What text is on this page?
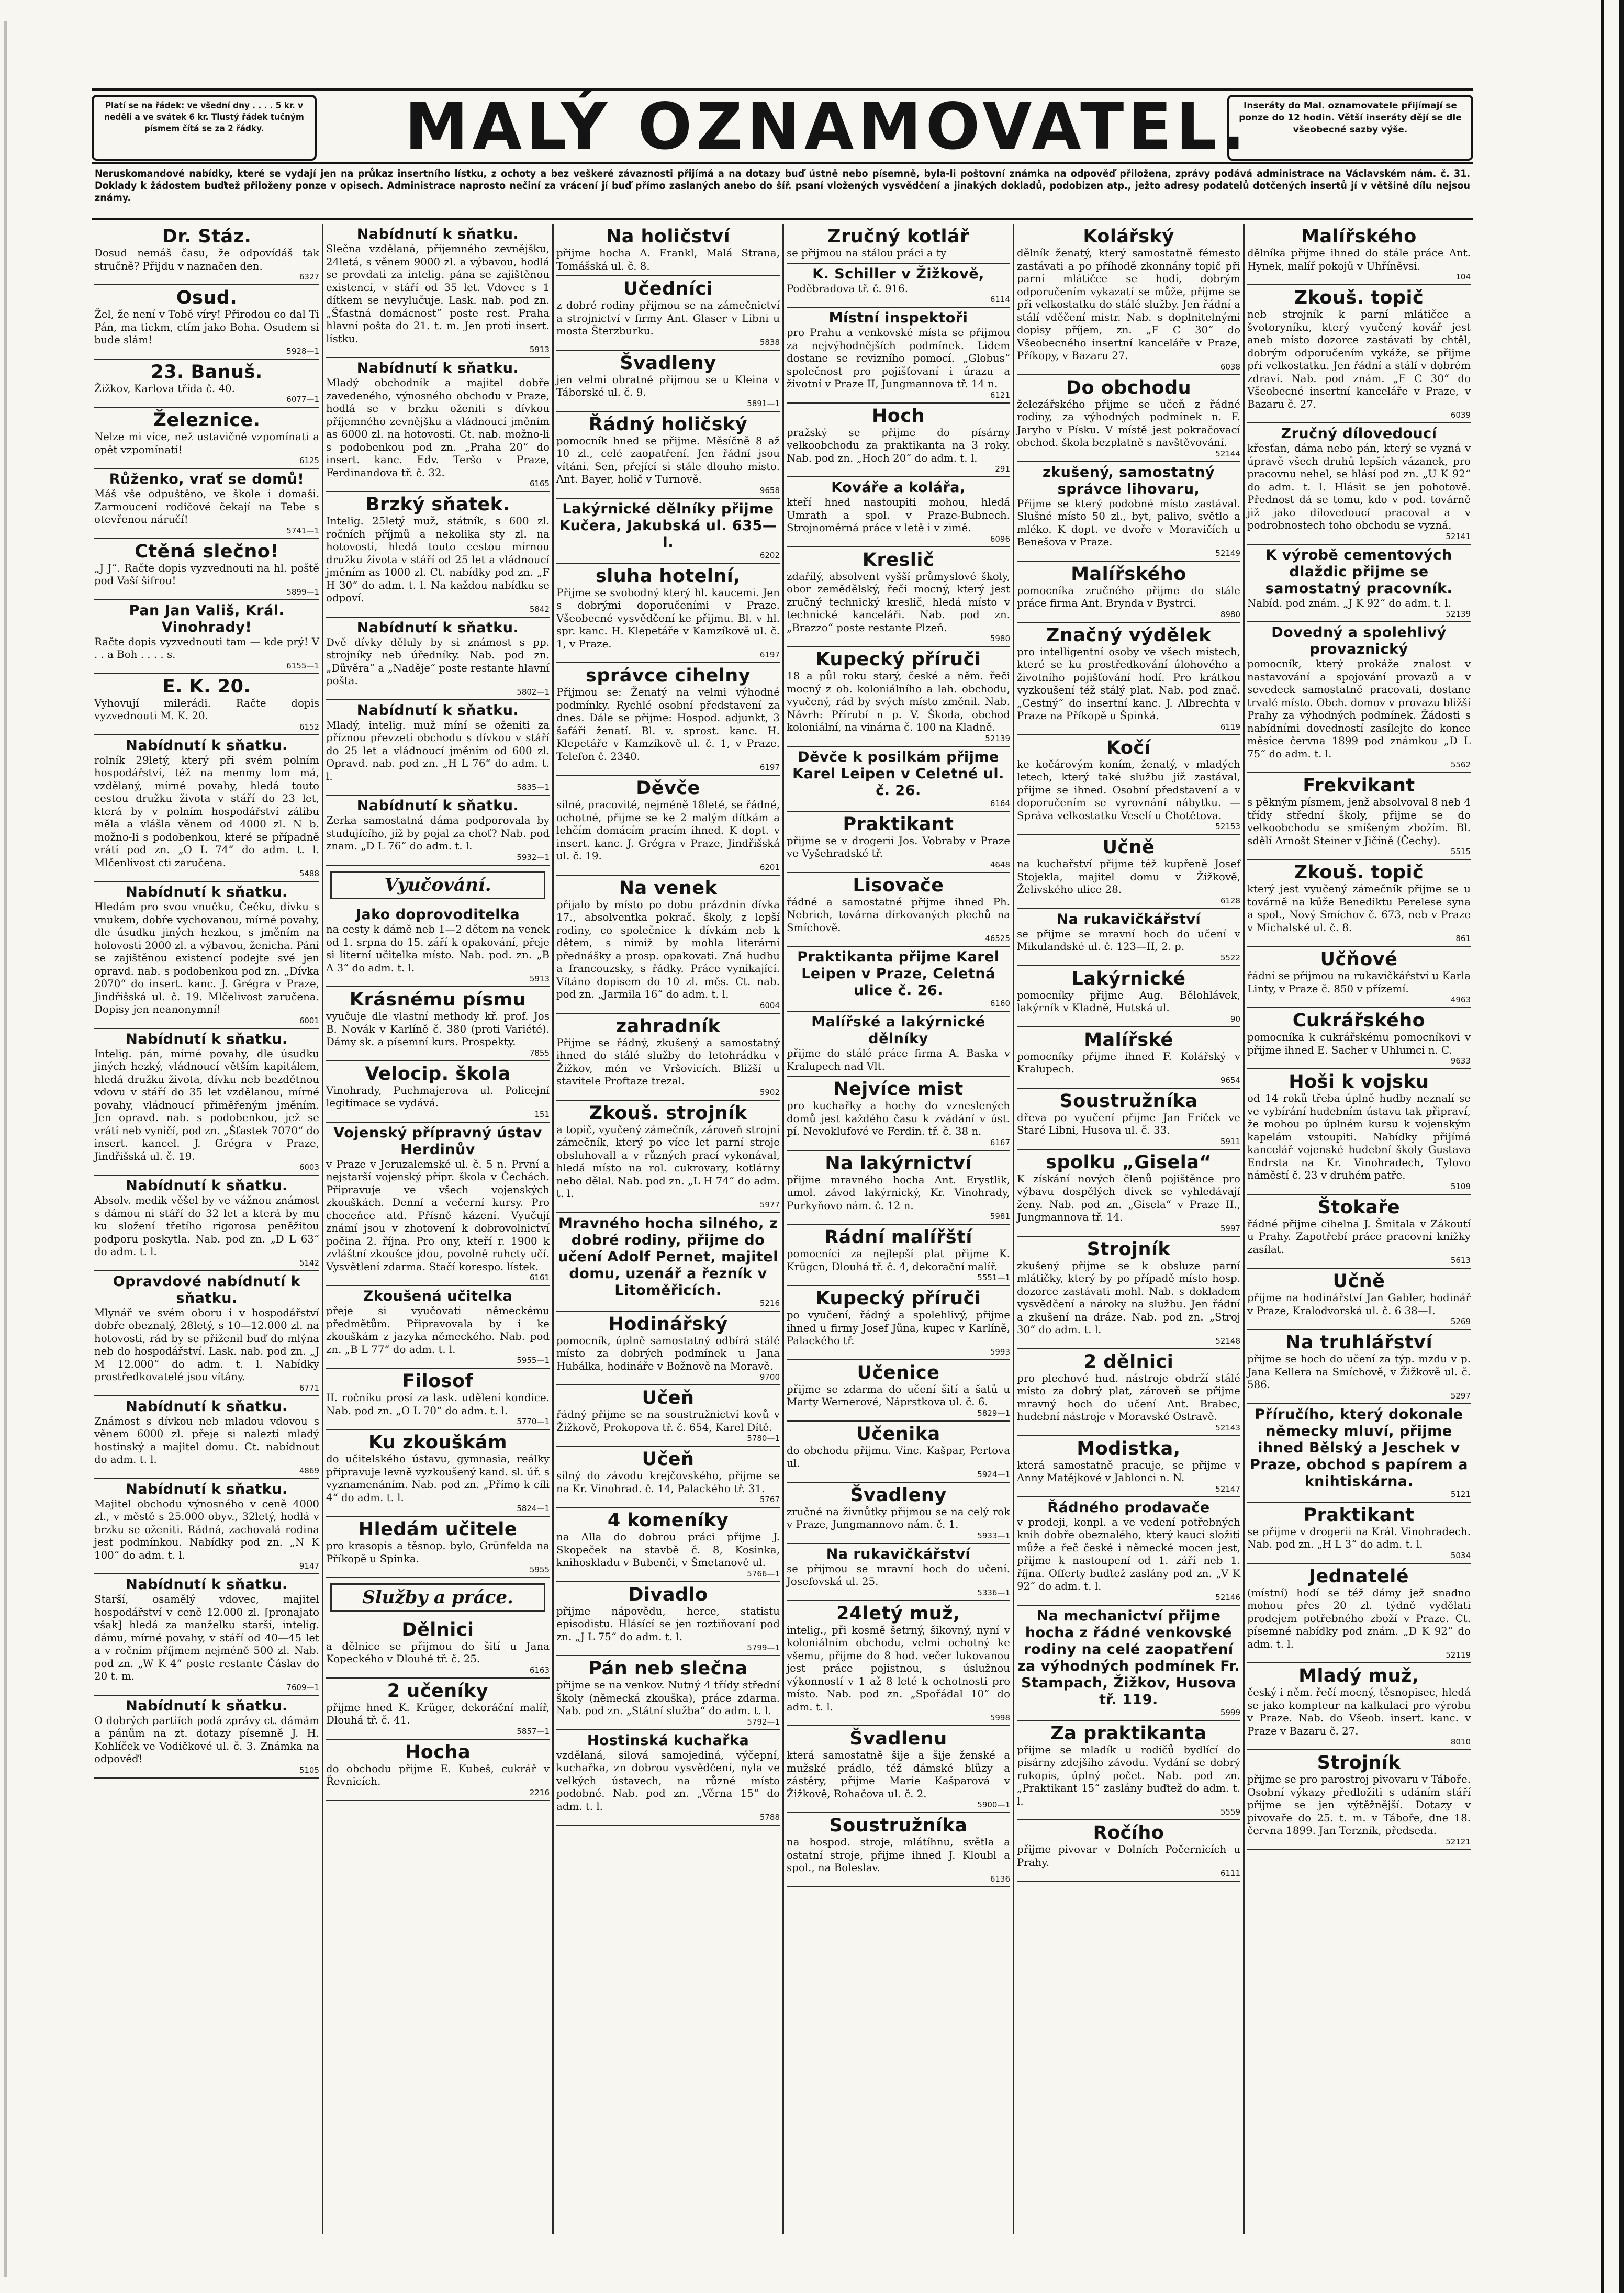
Platí se na řádek: ve všední dny . . . . 5 kr. v neděli a ve svátek 6 kr. Tlustý řádek tučným písmem čítá se za 2 řádky.	MALÝ OZNAMOVATEL.
Inseráty do Mal. oznamovatele přijímají se ponze do 12 hodin. Větší inseráty dějí se dle všeobecné sazby výše.
Neruskomandové nabídky, které se vydají jen na průkaz insertního lístku, z ochoty a bez veškeré závaznosti přijímá a na dotazy buď ústně nebo písemně, byla-li poštovní známka na odpověď přiložena, zprávy podává administrace na Václavském nám. č. 31. Doklady k žádostem buďtež přiloženy ponze v opisech. Administrace naprosto nečiní za vrácení jí buď přímo zaslaných anebo do šíř. psaní vložených vysvědčení a jinakých dokladů, podobizen atp., ježto adresy podatelů dotčených insertů jí v většině dílu nejsou známy.
Dr. Stáz.
Dosud nemáš času, že odpovídáš tak stručně? Přijdu v naznačen den.
6327
Osud.
Žel, že není v Tobě víry! Přirodou co dal Ti Pán, ma tickm, ctím jako Boha. Osudem si bude slám!
5928—1
23. Banuš.
Žižkov, Karlova třída č. 40.
6077—1
Železnice.
Nelze mi více, než ustavičně vzpomínati a opět vzpomínati!
6125
Růženko, vrať se domů!
Máš vše odpuštěno, ve škole i domaši. Zarmoucení rodičové čekají na Tebe s otevřenou náručí!
5741—1
Ctěná slečno!
„J J“. Račte dopis vyzvednouti na hl. poště pod Vaší šifrou!
5899—1
Pan Jan Vališ, Král. Vinohrady!
Račte dopis vyzvednouti tam — kde prý! V . . a Boh . . . . s.
6155—1
E. K. 20.
Vyhovují milerádi. Račte dopis vyzvednouti M. K. 20.
6152
Nabídnutí k sňatku.
rolník 29letý, který při svém polním hospodářství, též na menmy lom má, vzdělaný, mírné povahy, hledá touto cestou družku života v stáří do 23 let, která by v polním hospodářství zálibu měla a vlášla věnem od 4000 zl. N b. možno-li s podobenkou, které se případně vrátí pod zn. „O L 74“ do adm. t. l. Mlčenlivost cti zaručena.
5488
Nabídnutí k sňatku.
Hledám pro svou vnučku, Čečku, dívku s vnukem, dobře vychovanou, mírné povahy, dle úsudku jiných hezkou, s jměním na holovosti 2000 zl. a výbavou, ženicha. Páni se zajištěnou existencí podejte své jen opravd. nab. s podobenkou pod zn. „Dívka 2070“ do insert. kanc. J. Grégra v Praze, Jindřišská ul. č. 19. Mlčelivost zaručena. Dopisy jen neanonymní!
6001
Nabídnutí k sňatku.
Intelig. pán, mírné povahy, dle úsudku jiných hezký, vládnoucí větším kapitálem, hledá družku života, dívku neb bezdětnou vdovu v stáří do 35 let vzdělanou, mírné povahy, vládnoucí přiměřeným jměním. Jen opravd. nab. s podobenkou, jež se vrátí neb vyničí, pod zn. „Šťastek 7070“ do insert. kancel. J. Grégra v Praze, Jindřišská ul. č. 19.
6003
Nabídnutí k sňatku.
Absolv. medik věšel by ve vážnou známost s dámou ni stáří do 32 let a která by mu ku složení třetího rigorosa peněžitou podporu poskytla. Nab. pod zn. „D L 63“ do adm. t. l.
5142
Opravdové nabídnutí k sňatku.
Mlynář ve svém oboru i v hospodářství dobře obeznalý, 28letý, s 10—12.000 zl. na hotovosti, rád by se přiženil buď do mlýna neb do hospodářství. Lask. nab. pod zn. „J M 12.000“ do adm. t. l. Nabídky prostředkovatelé jsou vítány.
6771
Nabídnutí k sňatku.
Známost s dívkou neb mladou vdovou s věnem 6000 zl. přeje si nalezti mladý hostinský a majitel domu. Ct. nabídnout do adm. t. l.
4869
Nabídnutí k sňatku.
Majitel obchodu výnosného v ceně 4000 zl., v městě s 25.000 obyv., 32letý, hodlá v brzku se oženiti. Rádná, zachovalá rodina jest podmínkou. Nabídky pod zn. „N K 100“ do adm. t. l.
9147
Nabídnutí k sňatku.
Starší, osamělý vdovec, majitel hospodářství v ceně 12.000 zl. [pronajato však] hledá za manželku starší, intelig. dámu, mírné povahy, v stáří od 40—45 let a v ročním příjmem nejméně 500 zl. Nab. pod zn. „W K 4“ poste restante Čáslav do 20 t. m.
7609—1
Nabídnutí k sňatku.
O dobrých partiích podá zprávy ct. dámám a pánům na zt. dotazy písemně J. H. Kohlíček ve Vodičkové ul. č. 3. Známka na odpověď!
5105
Nabídnutí k sňatku.
Slečna vzdělaná, příjemného zevnějšku, 24letá, s věnem 9000 zl. a výbavou, hodlá se provdati za intelig. pána se zajištěnou existencí, v stáří od 35 let. Vdovec s 1 dítkem se nevylučuje. Lask. nab. pod zn. „Šťastná domácnost“ poste rest. Praha hlavní pošta do 21. t. m. Jen proti insert. lístku.
5913
Nabídnutí k sňatku.
Mladý obchodník a majitel dobře zavedeného, výnosného obchodu v Praze, hodlá se v brzku oženiti s dívkou příjemného zevnějšku a vládnoucí jměním as 6000 zl. na hotovosti. Ct. nab. možno-li s podobenkou pod zn. „Praha 20“ do insert. kanc. Edv. Teršo v Praze, Ferdinandova tř. č. 32.
6165
Brzký sňatek.
Intelig. 25letý muž, státník, s 600 zl. ročních příjmů a nekolika sty zl. na hotovosti, hledá touto cestou mírnou družku života v stáří od 25 let a vládnoucí jměním as 1000 zl. Ct. nabídky pod zn. „F H 30“ do adm. t. l. Na každou nabídku se odpoví.
5842
Nabídnutí k sňatku.
Dvě dívky děluly by si známost s pp. strojníky neb úředníky. Nab. pod zn. „Důvěra“ a „Naděje“ poste restante hlavní pošta.
5802—1
Nabídnutí k sňatku.
Mladý, intelig. muž míní se oženiti za příznou převzetí obchodu s dívkou v stáří do 25 let a vládnoucí jměním od 600 zl. Opravd. nab. pod zn. „H L 76“ do adm. t. l.
5835—1
Nabídnutí k sňatku.
Zerka samostatná dáma podporovala by studujícího, jíž by pojal za choť? Nab. pod znam. „D L 76“ do adm. t. l.
5932—1
Vyučování.
Jako doprovoditelka
na cesty k dámě neb 1—2 dětem na venek od 1. srpna do 15. září k opakování, přeje si literní učitelka místo. Nab. pod. zn. „B A 3“ do adm. t. l.
5913
Krásnému písmu
vyučuje dle vlastní methody kř. prof. Jos B. Novák v Karlíně č. 380 (proti Variété). Dámy sk. a písemní kurs. Prospekty.
7855
Velocip. škola
Vinohrady, Puchmajerova ul. Policejní legitimace se vydává.
151
Vojenský přípravný ústav Herdinův
v Praze v Jeruzalemské ul. č. 5 n. První a nejstarší vojenský přípr. škola v Čechách. Připravuje ve všech vojenských zkouškách. Denní a večerní kursy. Pro choceňce atd. Přísně kázení. Vyučují známí jsou v zhotovení k dobrovolnictví počina 2. října. Pro ony, kteří r. 1900 k zvláštní zkoušce jdou, povolně ruhcty učí. Vysvětlení zdarma. Stačí korespo. lístek.
6161
Zkoušená učitelka
přeje si vyučovati německému předmětům. Připravovala by i ke zkouškám z jazyka německého. Nab. pod zn. „B L 77“ do adm. t. l.
5955—1
Filosof
II. ročníku prosí za lask. udělení kondice. Nab. pod zn. „O L 70“ do adm. t. l.
5770—1
Ku zkouškám
do učitelského ústavu, gymnasia, reálky připravuje levně vyzkoušený kand. sl. úř. s vyznamenáním. Nab. pod zn. „Přímo k cíli 4“ do adm. t. l.
5824—1
Hledám učitele
pro krasopis a těsnop. bylo, Grünfelda na Příkopě u Spinka.
5955
Služby a práce.
Dělnici
a dělnice se přijmou do šití u Jana Kopeckého v Dlouhé tř. č. 25.
6163
2 učeníky
přijme hned K. Krüger, dekoráční malíř, Dlouhá tř. č. 41.
5857—1
Hocha
do obchodu přijme E. Kubeš, cukrář v Řevnicích.
2216
Na holičství
přijme hocha A. Frankl, Malá Strana, Tomášská ul. č. 8.
Učedníci
z dobré rodiny přijmou se na zámečnictví a strojnictví v firmy Ant. Glaser v Libni u mosta Šterzburku.
5838
Švadleny
jen velmi obratné přijmou se u Kleina v Táborské ul. č. 9.
5891—1
Řádný holičský
pomocník hned se přijme. Měsíčně 8 až 10 zl., celé zaopatření. Jen řádní jsou vítáni. Sen, přející si stále dlouho místo. Ant. Bayer, holič v Turnově.
9658
Lakýrnické dělníky přijme Kučera, Jakubská ul. 635—I.
6202
sluha hotelní,
Přijme se svobodný který hl. kaucemi. Jen s dobrými doporučeními v Praze. Všeobecné vysvědčení ke přijmu. Bl. v hl. spr. kanc. H. Klepetáře v Kamzíkově ul. č. 1, v Praze.
6197
správce cihelny
Přijmou se: Ženatý na velmi výhodné podmínky. Rychlé osobní představení za dnes. Dále se přijme: Hospod. adjunkt, 3 šafáři ženatí. Bl. v. sprost. kanc. H. Klepetáře v Kamzíkově ul. č. 1, v Praze. Telefon č. 2340.
6197
Děvče
silné, pracovité, nejméně 18leté, se řádné, ochotné, přijme se ke 2 malým dítkám a lehčím domácím pracím ihned. K dopt. v insert. kanc. J. Grégra v Praze, Jindřišská ul. č. 19.
6201
Na venek
přijalo by místo po dobu prázdnin dívka 17., absolventka pokrač. školy, z lepší rodiny, co společnice k dívkám neb k dětem, s nimiž by mohla literární přednášky a prosp. opakovati. Zná hudbu a francouzsky, s řádky. Práce vynikající. Vítáno dopisem do 10 zl. měs. Ct. nab. pod zn. „Jarmila 16“ do adm. t. l.
6004
zahradník
Přijme se řádný, zkušený a samostatný ihned do stálé služby do letohrádku v Žižkov, mén ve Vršovicích. Bližší u stavitele Proftaze trezal.
5902
Zkouš. strojník
a topič, vyučený zámečník, zároveň strojní zámečník, který po více let parní stroje obsluhovall a v různých prací vykonával, hledá místo na rol. cukrovary, kotlárny nebo dělal. Nab. pod zn. „L H 74“ do adm. t. l.
5977
Mravného hocha silného, z dobré rodiny, přijme do učení Adolf Pernet, majitel domu, uzenář a řezník v Litoměřicích.
5216
Hodinářský
pomocník, úplně samostatný odbírá stálé místo za dobrých podmínek u Jana Hubálka, hodináře v Božnově na Moravě.
9700
Učeň
řádný přijme se na soustružnictví kovů v Žižkově, Prokopova tř. č. 654, Karel Dítě.
5780—1
Učeň
silný do závodu krejčovského, přijme se na Kr. Vinohrad. č. 14, Palackého tř. 31.
5767
4 komeníky
na Alla do dobrou práci přijme J. Skopeček na stavbě č. 8, Kosinka, knihoskladu v Bubenči, v Šmetanově ul.
5766—1
Divadlo
přijme nápovědu, herce, statistu episodistu. Hlásící se jen roztiňovaní pod zn. „J L 75“ do adm. t. l.
5799—1
Pán neb slečna
přijme se na venkov. Nutný 4 třídy střední školy (německá zkouška), práce zdarma. Nab. pod zn. „Státní služba“ do adm. t. l.
5792—1
Hostinská kuchařka
vzdělaná, silová samojediná, výčepní, kuchařka, zn dobrou vysvědčení, nyla ve velkých ústavech, na různé místo podobné. Nab. pod zn. „Věrna 15“ do adm. t. l.
5788
Zručný kotlář
se přijmou na stálou práci a ty
K. Schiller v Žižkově,
Poděbradova tř. č. 916.
6114
Místní inspektoři
pro Prahu a venkovské místa se přijmou za nejvýhodnějších podmínek. Lidem dostane se revizního pomocí. „Globus“ společnost pro pojišťovaní i úrazu a životní v Praze II, Jungmannova tř. 14 n.
6121
Hoch
pražský se přijme do písárny velkoobchodu za praktikanta na 3 roky. Nab. pod zn. „Hoch 20“ do adm. t. l.
291
Kováře a kolářa,
kteří hned nastoupiti mohou, hledá Umrath a spol. v Praze-Bubnech. Strojnoměrná práce v letě i v zimě.
6096
Kreslič
zdařilý, absolvent vyšší průmyslové školy, obor zemědělský, řeči mocný, který jest zručný technický kreslič, hledá místo v technické kanceláři. Nab. pod zn. „Brazzo“ poste restante Plzeň.
5980
Kupecký příruči
18 a půl roku starý, české a něm. řeči mocný z ob. koloniálního a lah. obchodu, vyučený, rád by svých místo změnil. Nab. Návrh: Přírubí n p. V. Škoda, obchod koloniální, na vinárna č. 100 na Kladně.
52139
Děvče k posilkám přijme Karel Leipen v Celetné ul. č. 26.
6164
Praktikant
přijme se v drogerii Jos. Vobraby v Praze ve Vyšehradské tř.
4648
Lisovače
řádné a samostatné přijme ihned Ph. Nebrich, továrna dírkovaných plechů na Smíchově.
46525
Praktikanta přijme Karel Leipen v Praze, Celetná ulice č. 26.
6160
Malířské a lakýrnické dělníky
přijme do stálé práce firma A. Baska v Kralupech nad Vlt.
Nejvíce mist
pro kuchařky a hochy do vzneslených domů jest každého času k zvádání v úst. pí. Nevoklufové ve Ferdin. tř. č. 38 n.
6167
Na lakýrnictví
přijme mravného hocha Ant. Erystlik, umol. závod lakýrnický, Kr. Vinohrady, Purkyňovo nám. č. 12 n.
5981
Rádní malířští
pomocníci za nejlepší plat přijme K. Krügcn, Dlouhá tř. č. 4, dekorační malíř.
5551—1
Kupecký příruči
po vyučení, řádný a spolehlivý, přijme ihned u firmy Josef Jůna, kupec v Karlíně, Palackého tř.
5993
Učenice
přijme se zdarma do učení šití a šatů u Marty Wernerové, Náprstkova ul. č. 6.
5829—1
Učenika
do obchodu přijmu. Vinc. Kašpar, Pertova ul.
5924—1
Švadleny
zručné na živnůtky přijmou se na celý rok v Praze, Jungmannovo nám. č. 1.
5933—1
Na rukavičkářství
se přijmou se mravní hoch do učení. Josefovská ul. 25.
5336—1
24letý muž,
intelig., při kosmě šetrný, šikovný, nyní v koloniálním obchodu, velmi ochotný ke všemu, přijme do 8 hod. večer lukovanou jest práce pojistnou, s úslužnou výkonností v 1 až 8 leté k ochotnosti pro místo. Nab. pod zn. „Spořádal 10“ do adm. t. l.
5998
Švadlenu
která samostatně šije a šije ženské a mužské prádlo, též dámské blůzy a zástěry, přijme Marie Kašparová v Žižkově, Rohačova ul. č. 2.
5900—1
Soustružníka
na hospod. stroje, mlátíhnu, světla a ostatní stroje, přijme ihned J. Kloubl a spol., na Boleslav.
6136
Kolářský
dělník ženatý, který samostatně fémesto zastávati a po příhodě zkonnány topič při parní mlátičce se hodí, dobrým odporučením vykazatí se může, přijme se při velkostatku do stálé služby. Jen řádní a stálí vděčení mistr. Nab. s doplnitelnými dopisy příjem, zn. „F C 30“ do Všeobecného insertní kanceláře v Praze, Příkopy, v Bazaru 27.
6038
Do obchodu
železářského přijme se učeň z řádné rodiny, za výhodných podmínek n. F. Jaryho v Písku. V místě jest pokračovací obchod. škola bezplatně s navštěvování.
52144
zkušený, samostatný správce lihovaru,
Přijme se který podobné místo zastával. Slušné místo 50 zl., byt, palivo, světlo a mléko. K dopt. ve dvoře v Moravičích u Benešova v Praze.
52149
Malířského
pomocníka zručného přijme do stále práce firma Ant. Brynda v Bystrci.
8980
Značný výdělek
pro intelligentní osoby ve všech místech, které se ku prostředkování úlohového a životního pojišťování hodí. Pro krátkou vyzkoušení též stálý plat. Nab. pod znač. „Cestný“ do insertní kanc. J. Albrechta v Praze na Příkopě u Špinká.
6119
Kočí
ke kočárovým koním, ženatý, v mladých letech, který také službu již zastával, přijme se ihned. Osobní představení a v doporučením se vyrovnání nábytku. — Správa velkostatku Veselí u Chotětova.
52153
Učně
na kuchařství přijme též kupřeně Josef Stojekla, majitel domu v Žižkově, Želivského ulice 28.
6128
Na rukavičkářství
se přijme se mravní hoch do učení v Mikulandské ul. č. 123—II, 2. p.
5522
Lakýrnické
pomocníky přijme Aug. Bělohlávek, lakýrník v Kladně, Hutská ul.
90
Malířské
pomocníky přijme ihned F. Kolářský v Kralupech.
9654
Soustružníka
dřeva po vyučení přijme Jan Fríček ve Staré Libni, Husova ul. č. 33.
5911
spolku „Gisela“
K získání nových členů pojištěnce pro výbavu dospělých divek se vyhledávají ženy. Nab. pod zn. „Gisela“ v Praze II., Jungmannova tř. 14.
5997
Strojník
zkušený přijme se k obsluze parní mlátičky, který by po případě místo hosp. dozorce zastávati mohl. Nab. s dokladem vysvědčení a nároky na službu. Jen řádní a zkušení na dráze. Nab. pod zn. „Stroj 30“ do adm. t. l.
52148
2 dělnici
pro plechové hud. nástroje obdrží stálé místo za dobrý plat, zároveň se přijme mravný hoch do učení Ant. Brabec, hudební nástroje v Moravské Ostravě.
52143
Modistka,
která samostatně pracuje, se přijme v Anny Matějkové v Jablonci n. N.
52147
Řádného prodavače
v prodeji, konpl. a ve vedení potřebných knih dobře obeznalého, který kauci složiti může a řeč české i německé mocen jest, přijme k nastoupení od 1. září neb 1. října. Offerty buďtež zaslány pod zn. „V K 92“ do adm. t. l.
52146
Na mechanictví přijme hocha z řádné venkovské rodiny na celé zaopatření za výhodných podmínek Fr. Stampach, Žižkov, Husova tř. 119.
5999
Za praktikanta
přijme se mladík u rodičů bydlící do písárny zdejšího závodu. Vydání se dobrý rukopis, úplný počet. Nab. pod zn. „Praktikant 15“ zaslány buďtež do adm. t. l.
5559
Ročího
přijme pivovar v Dolních Počernicích u Prahy.
6111
Malířského
dělníka přijme ihned do stále práce Ant. Hynek, malíř pokojů v Uhříněvsi.
104
Zkouš. topič
neb strojník k parní mlátičce a švotoryníku, který vyučený kovář jest aneb místo dozorce zastávati by chtěl, dobrým odporučením vykáže, se přijme při velkostatku. Jen řádní a stálí v dobrém zdraví. Nab. pod znám. „F C 30“ do Všeobecné insertní kanceláře v Praze, v Bazaru č. 27.
6039
Zručný dílovedoucí
křesťan, dáma nebo pán, který se vyzná v úpravě všech druhů lepších vázanek, pro pracovnu nehel, se hlásí pod zn. „U K 92“ do adm. t. l. Hlásit se jen pohotově. Přednost dá se tomu, kdo v pod. továrně již jako dílovedoucí pracoval a v podrobnostech toho obchodu se vyzná.
52141
K výrobě cementových dlaždic přijme se samostatný pracovník.
Nabíd. pod znám. „J K 92“ do adm. t. l.
52139
Dovedný a spolehlivý provaznický
pomocník, který prokáže znalost v nastavování a spojování provazů a v sevedeck samostatně pracovati, dostane trvalé místo. Obch. domov v provazu bližší Prahy za výhodných podmínek. Žádosti s nabídními dovedností zasílejte do konce měsíce června 1899 pod známkou „D L 75“ do adm. t. l.
5562
Frekvikant
s pěkným písmem, jenž absolvoval 8 neb 4 třídy střední školy, přijme se do velkoobchodu se smíšeným zbožím. Bl. sdělí Arnošt Steiner v Jičíně (Čechy).
5515
Zkouš. topič
který jest vyučený zámečník přijme se u továrně na kůže Benediktu Perelese syna a spol., Nový Smíchov č. 673, neb v Praze v Michalské ul. č. 8.
861
Učňové
řádní se přijmou na rukavičkářství u Karla Linty, v Praze č. 850 v přízemí.
4963
Cukrářského
pomocníka k cukrářskému pomocníkovi v přijme ihned E. Sacher v Uhlumci n. C.
9633
Hoši k vojsku
od 14 roků třeba úplně hudby neznalí se ve vybírání hudebním ústavu tak připraví, že mohou po úplném kursu k vojenským kapelám vstoupiti. Nabídky přijímá kancelář vojenské hudební školy Gustava Endrsta na Kr. Vinohradech, Tylovo náměstí č. 23 v druhém patře.
5109
Štokaře
řádné přijme cihelna J. Šmitala v Zákoutí u Prahy. Zapotřebí práce pracovní knižky zasílat.
5613
Učně
přijme na hodinářství Jan Gabler, hodinář v Praze, Kralodvorská ul. č. 6 38—I.
5269
Na truhlářství
přijme se hoch do učení za týp. mzdu v p. Jana Kellera na Smíchově, v Žižkově ul. č. 586.
5297
Příručího, který dokonale německy mluví, přijme ihned Bělský a Jeschek v Praze, obchod s papírem a knihtiskárna.
5121
Praktikant
se přijme v drogerii na Král. Vinohradech. Nab. pod zn. „H L 3“ do adm. t. l.
5034
Jednatelé
(místní) hodí se též dámy jež snadno mohou přes 20 zl. týdně vydělati prodejem potřebného zboží v Praze. Ct. písemné nabídky pod znám. „D K 92“ do adm. t. l.
52119
Mladý muž,
český i něm. řečí mocný, těsnopisec, hledá se jako kompteur na kalkulaci pro výrobu v Praze. Nab. do Všeob. insert. kanc. v Praze v Bazaru č. 27.
8010
Strojník
přijme se pro parostroj pivovaru v Táboře. Osobní výkazy předložiti s udáním stáří přijme se jen výtěžnější. Dotazy v pivovaře do 25. t. m. v Táboře, dne 18. června 1899. Jan Terzník, předseda.
52121
